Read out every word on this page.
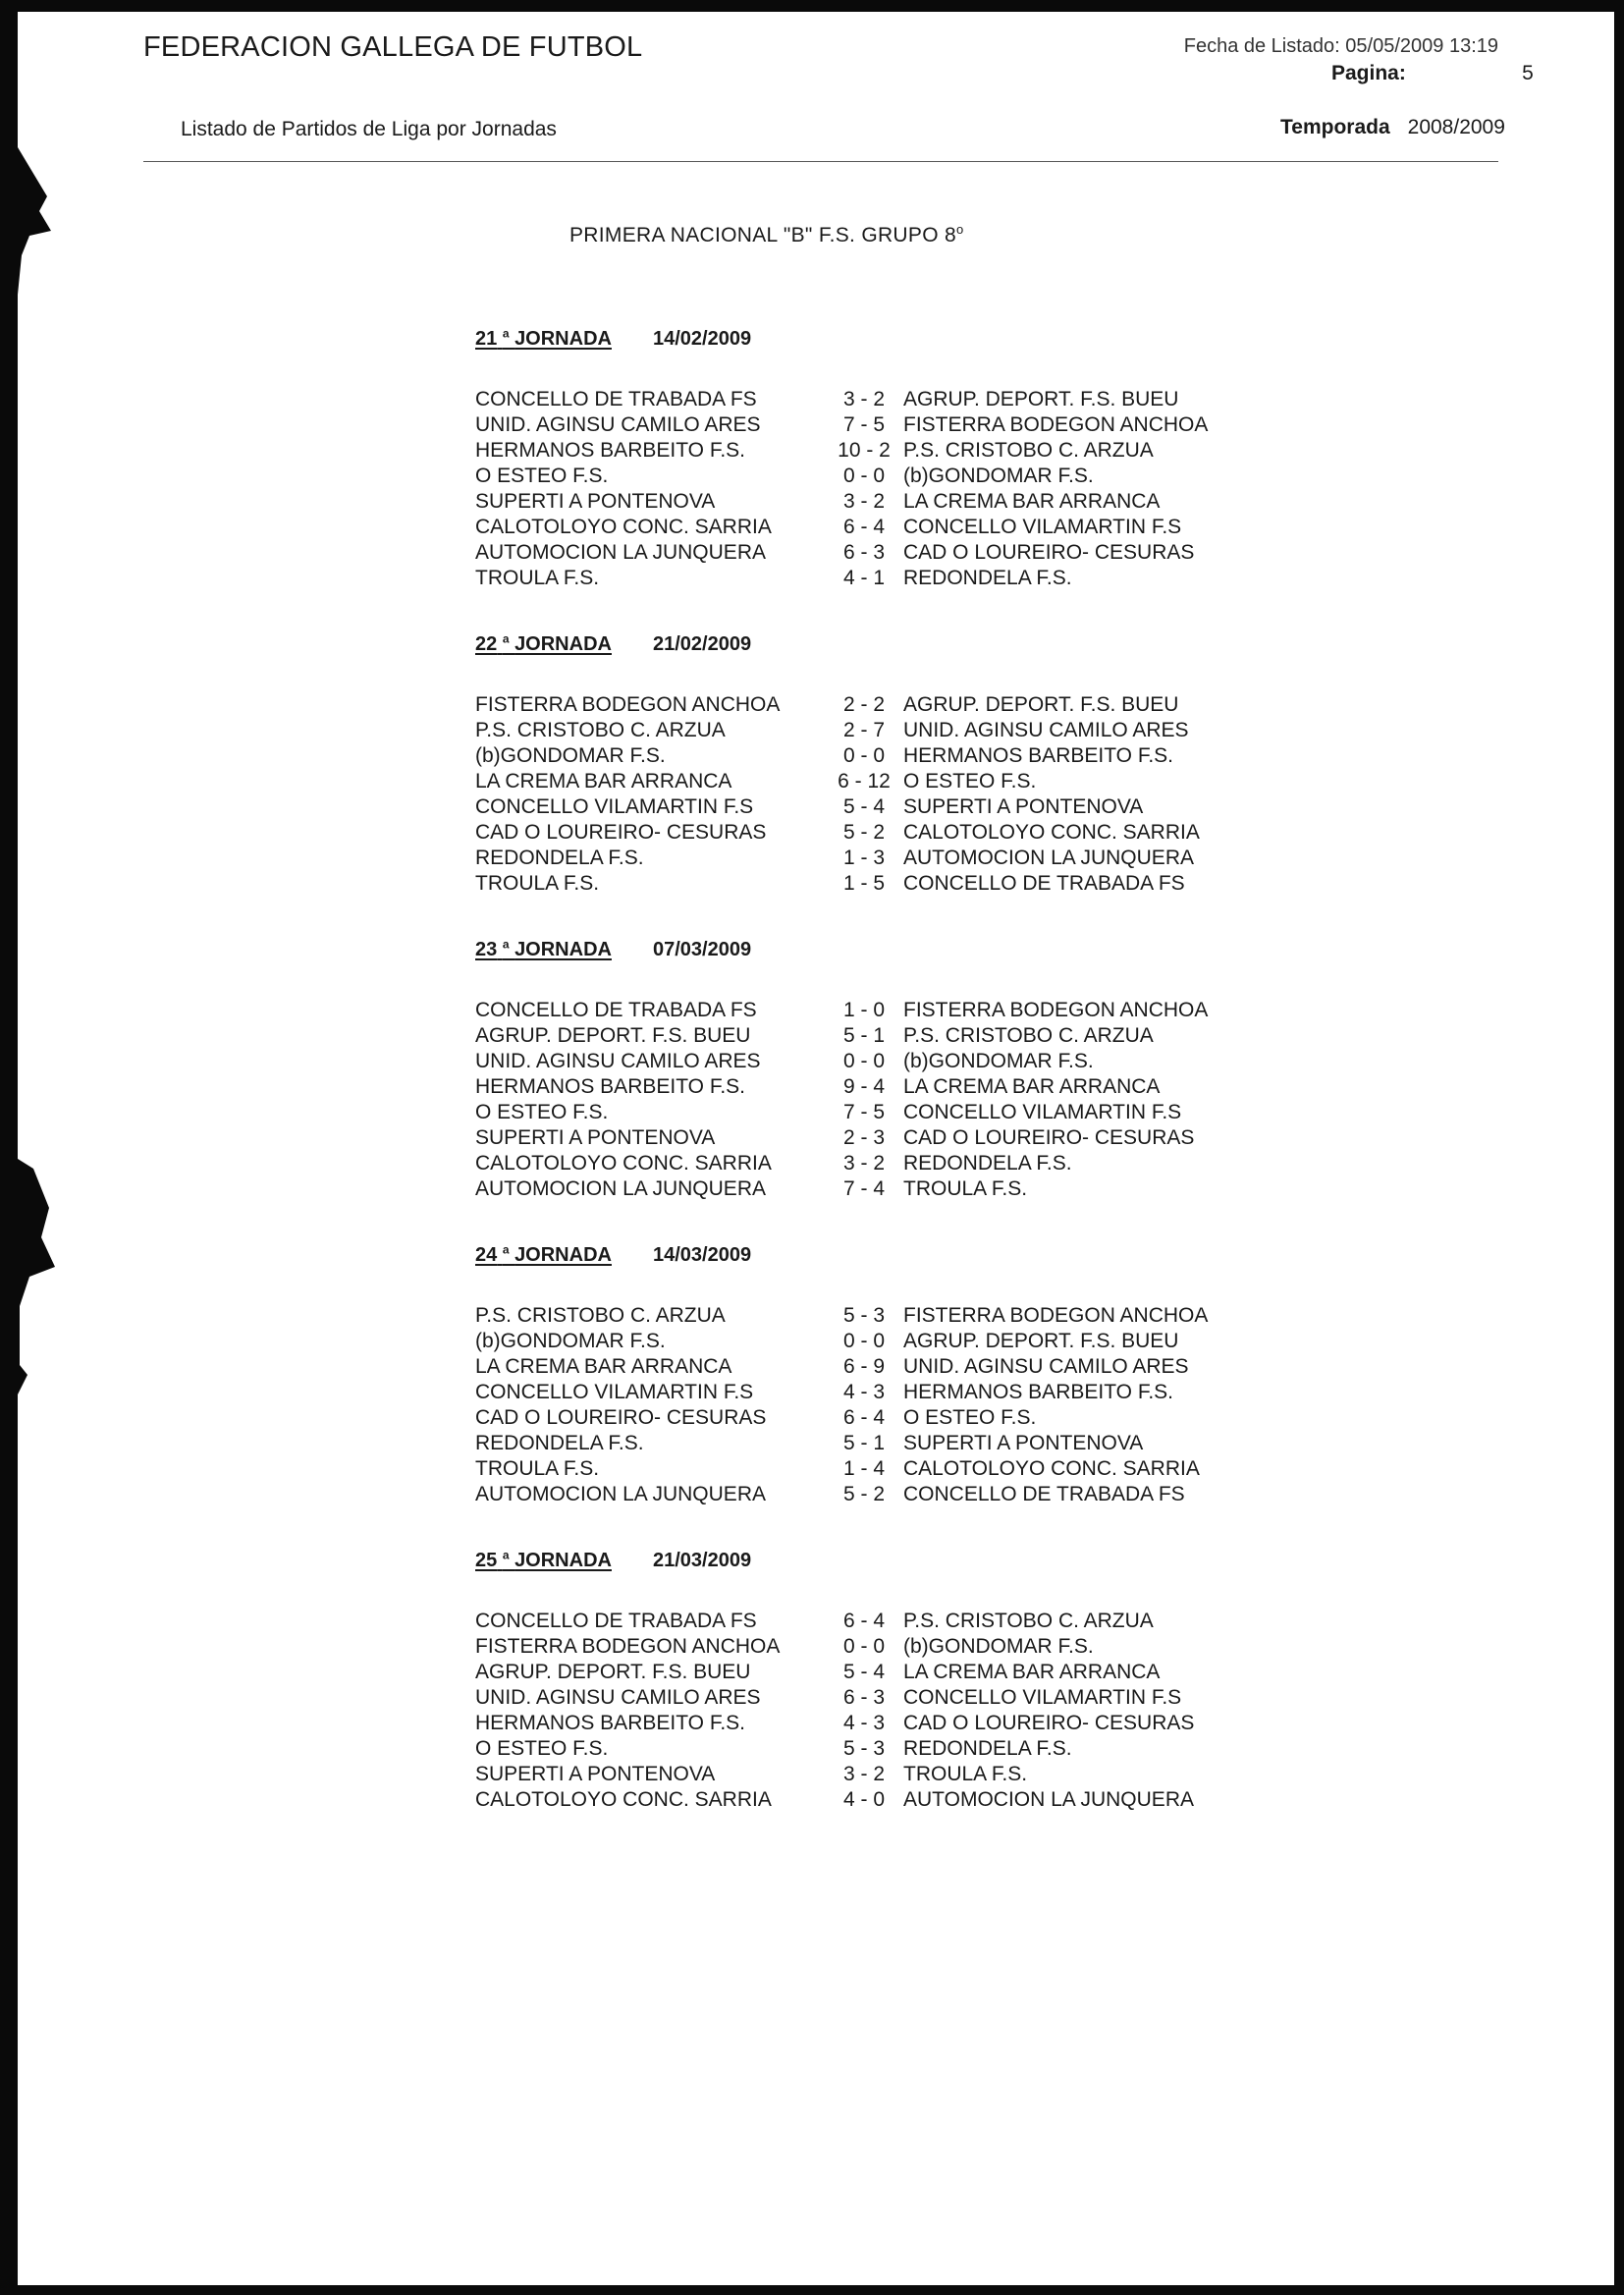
FEDERACION GALLEGA DE FUTBOL	Fecha de Listado: 05/05/2009 13:19
Pagina:	5
Listado de Partidos de Liga por Jornadas	Temporada 2008/2009
PRIMERA NACIONAL "B" F.S. GRUPO 8$^o$
21 $^a$ JORNADA 14/02/2009
CONCELLO DE TRABADA FS	3 - 2 AGRUP. DEPORT. F.S. BUEU
UNID. AGINSU CAMILO ARES	7 - 5 FISTERRA BODEGON ANCHOA
HERMANOS BARBEITO F.S.	10 - 2 P.S. CRISTOBO C. ARZUA
O ESTEO F.S.	0 - 0 (b)GONDOMAR F.S.
SUPERTI A PONTENOVA	3 - 2 LA CREMA BAR ARRANCA
CALOTOLOYO CONC. SARRIA	6 - 4 CONCELLO VILAMARTIN F.S
AUTOMOCION LA JUNQUERA	6 - 3 CAD O LOUREIRO- CESURAS
TROULA F.S.	4 - 1 REDONDELA F.S.
22 $^a$ JORNADA 21/02/2009
FISTERRA BODEGON ANCHOA	2 - 2 AGRUP. DEPORT. F.S. BUEU
P.S. CRISTOBO C. ARZUA	2 - 7 UNID. AGINSU CAMILO ARES
(b)GONDOMAR F.S.	0 - 0 HERMANOS BARBEITO F.S.
LA CREMA BAR ARRANCA	6 - 12 O ESTEO F.S.
CONCELLO VILAMARTIN F.S	5 - 4 SUPERTI A PONTENOVA
CAD O LOUREIRO- CESURAS	5 - 2 CALOTOLOYO CONC. SARRIA
REDONDELA F.S.	1 - 3 AUTOMOCION LA JUNQUERA
TROULA F.S.	1 - 5 CONCELLO DE TRABADA FS
23 $^a$ JORNADA 07/03/2009
CONCELLO DE TRABADA FS	1 - 0 FISTERRA BODEGON ANCHOA
AGRUP. DEPORT. F.S. BUEU	5 - 1 P.S. CRISTOBO C. ARZUA
UNID. AGINSU CAMILO ARES	0 - 0 (b)GONDOMAR F.S.
HERMANOS BARBEITO F.S.	9 - 4 LA CREMA BAR ARRANCA
O ESTEO F.S.	7 - 5 CONCELLO VILAMARTIN F.S
SUPERTI A PONTENOVA	2 - 3 CAD O LOUREIRO- CESURAS
CALOTOLOYO CONC. SARRIA	3 - 2 REDONDELA F.S.
AUTOMOCION LA JUNQUERA	7 - 4 TROULA F.S.
24 $^a$ JORNADA 14/03/2009
P.S. CRISTOBO C. ARZUA	5 - 3 FISTERRA BODEGON ANCHOA
(b)GONDOMAR F.S.	0 - 0 AGRUP. DEPORT. F.S. BUEU
LA CREMA BAR ARRANCA	6 - 9 UNID. AGINSU CAMILO ARES
CONCELLO VILAMARTIN F.S	4 - 3 HERMANOS BARBEITO F.S.
CAD O LOUREIRO- CESURAS	6 - 4 O ESTEO F.S.
REDONDELA F.S.	5 - 1 SUPERTI A PONTENOVA
TROULA F.S.	1 - 4 CALOTOLOYO CONC. SARRIA
AUTOMOCION LA JUNQUERA	5 - 2 CONCELLO DE TRABADA FS
25 $^a$ JORNADA 21/03/2009
CONCELLO DE TRABADA FS	6 - 4 P.S. CRISTOBO C. ARZUA
FISTERRA BODEGON ANCHOA	0 - 0 (b)GONDOMAR F.S.
AGRUP. DEPORT. F.S. BUEU	5 - 4 LA CREMA BAR ARRANCA
UNID. AGINSU CAMILO ARES	6 - 3 CONCELLO VILAMARTIN F.S
HERMANOS BARBEITO F.S.	4 - 3 CAD O LOUREIRO- CESURAS
O ESTEO F.S.	5 - 3 REDONDELA F.S.
SUPERTI A PONTENOVA	3 - 2 TROULA F.S.
CALOTOLOYO CONC. SARRIA	4 - 0 AUTOMOCION LA JUNQUERA
